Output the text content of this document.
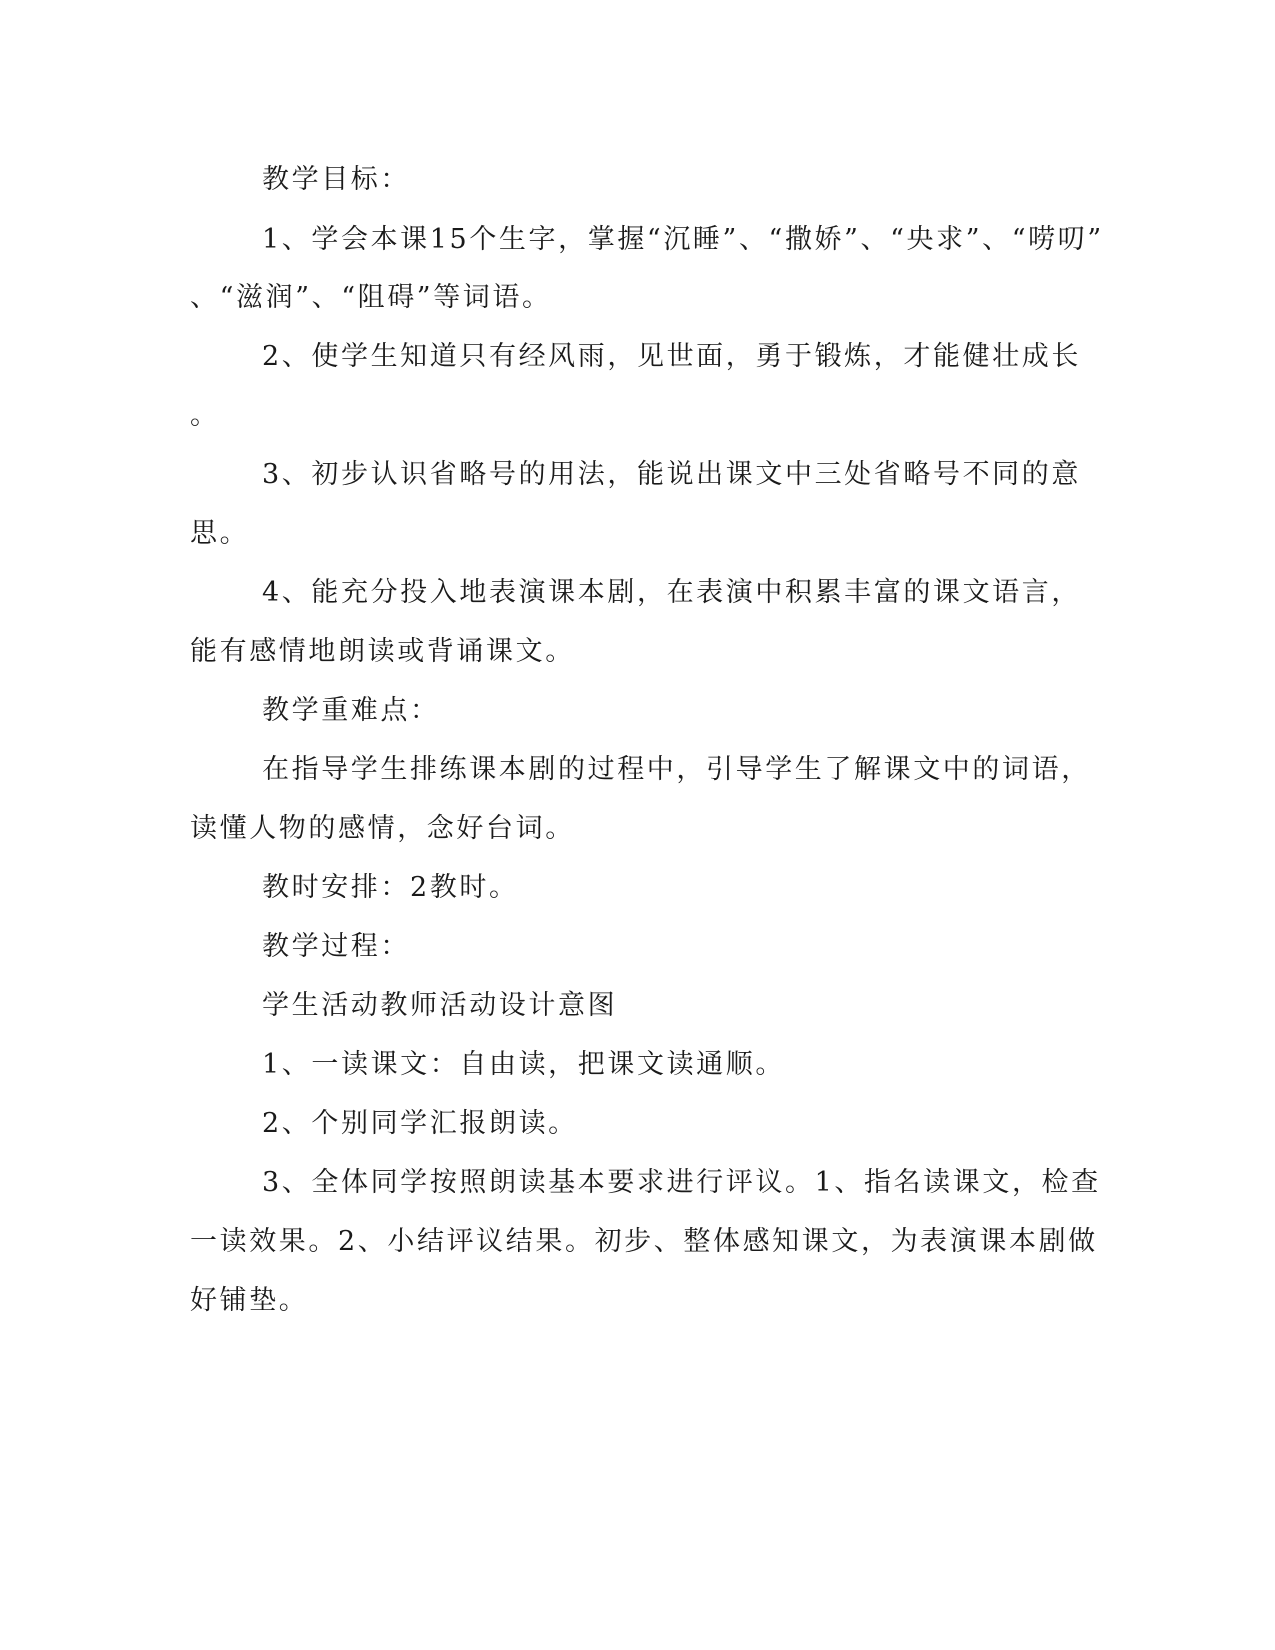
教学目标：
1、学会本课15个生字，掌握“沉睡”、“撒娇”、“央求”、“唠叨”
、“滋润”、“阻碍”等词语。
2、使学生知道只有经风雨，见世面，勇于锻炼，才能健壮成长
。
3、初步认识省略号的用法，能说出课文中三处省略号不同的意
思。
4、能充分投入地表演课本剧，在表演中积累丰富的课文语言，
能有感情地朗读或背诵课文。
教学重难点：
在指导学生排练课本剧的过程中，引导学生了解课文中的词语，
读懂人物的感情，念好台词。
教时安排：2教时。
教学过程：
学生活动教师活动设计意图
1、一读课文：自由读，把课文读通顺。
2、个别同学汇报朗读。
3、全体同学按照朗读基本要求进行评议。1、指名读课文，检查
一读效果。2、小结评议结果。初步、整体感知课文，为表演课本剧做
好铺垫。
